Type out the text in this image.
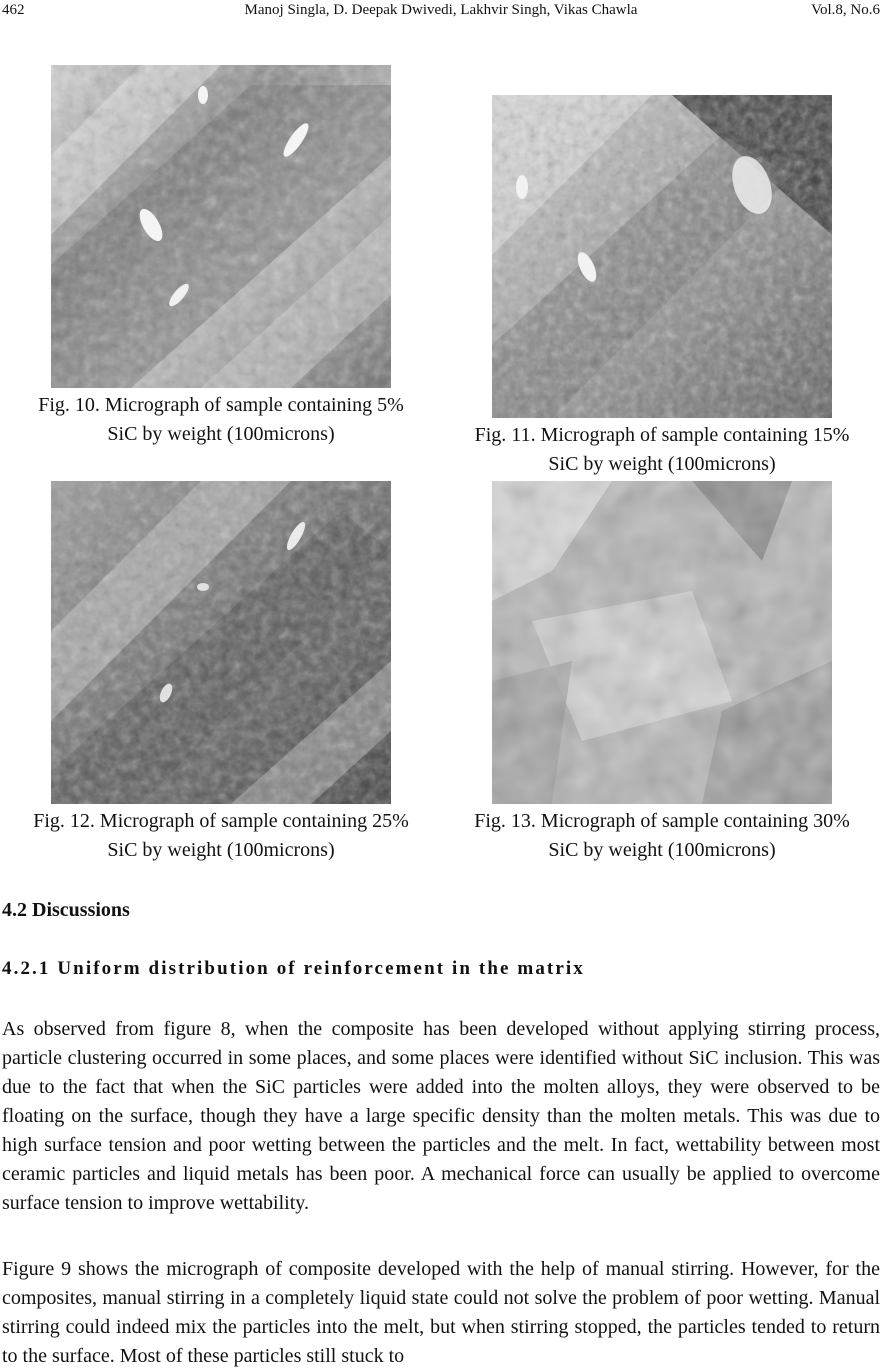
462	Manoj Singla, D. Deepak Dwivedi, Lakhvir Singh, Vikas Chawla	Vol.8, No.6
Fig. 10. Micrograph of sample containing 5%
SiC by weight (100microns)	Fig. 11. Micrograph of sample containing 15%
SiC by weight (100microns)
Fig. 12. Micrograph of sample containing 25%
SiC by weight (100microns)
Fig. 13. Micrograph of sample containing 30%
SiC by weight (100microns)
4.2 Discussions
4.2.1 Uniform distribution of reinforcement in the matrix

As observed from figure 8, when the composite has been developed without applying stirring process, particle clustering occurred in some places, and some places were identified without SiC inclusion. This was due to the fact that when the SiC particles were added into the molten alloys, they were observed to be floating on the surface, though they have a large specific density than the molten metals. This was due to high surface tension and poor wetting between the particles and the melt. In fact, wettability between most ceramic particles and liquid metals has been poor. A mechanical force can usually be applied to overcome surface tension to improve wettability.

Figure 9 shows the micrograph of composite developed with the help of manual stirring. However, for the composites, manual stirring in a completely liquid state could not solve the problem of poor wetting. Manual stirring could indeed mix the particles into the melt, but when stirring stopped, the particles tended to return to the surface. Most of these particles still stuck to
